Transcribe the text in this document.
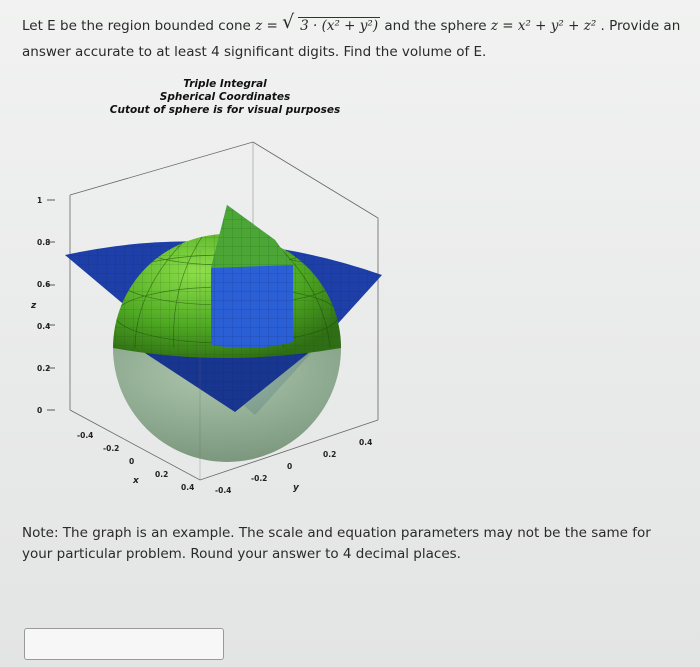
Let E be the region bounded cone z = √ 3 · (x² + y²) and the sphere z = x² + y² + z² . Provide an answer accurate to at least 4 significant digits. Find the volume of E.
Triple Integral
Spherical Coordinates
Cutout of sphere is for visual purposes
1
0.8
0.6
0.4
0.2
0
z
-0.4
-0.2
0
0.2
0.4	-0.4
-0.2
0
0.2
0.4
x
y
Note: The graph is an example. The scale and equation parameters may not be the same for your particular problem. Round your answer to 4 decimal places.
